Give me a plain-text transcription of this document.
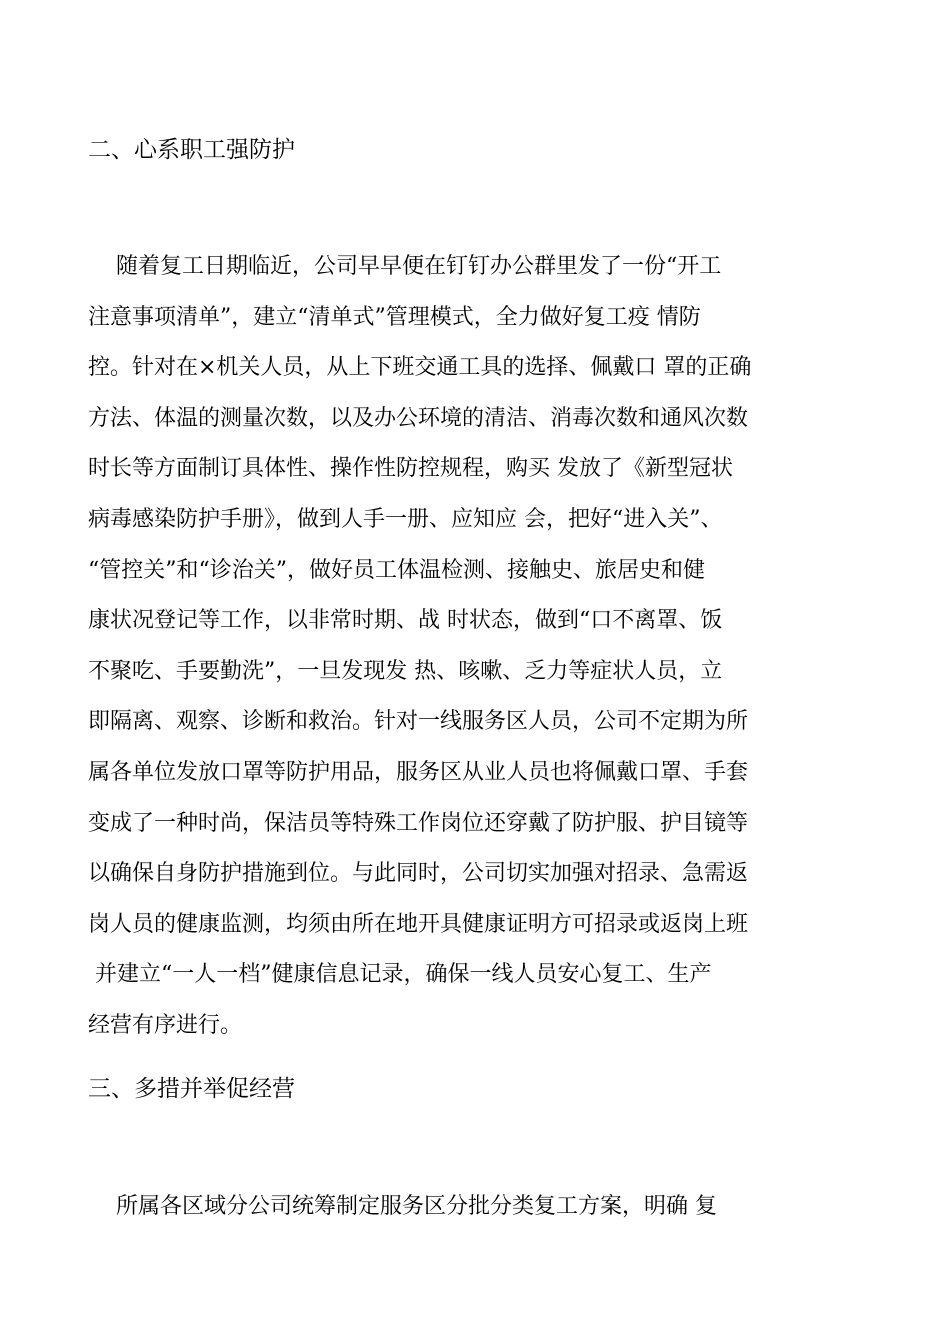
二、心系职工强防护
随着复工日期临近，公司早早便在钉钉办公群里发了一份“开工
注意事项清单”，建立“清单式”管理模式，全力做好复工疫 情防
控。针对在×机关人员，从上下班交通工具的选择、佩戴口 罩的正确
方法、体温的测量次数，以及办公环境的清洁、消毒次数和通风次数
时长等方面制订具体性、操作性防控规程，购买 发放了《新型冠状
病毒感染防护手册》，做到人手一册、应知应 会，把好“进入关”、
“管控关”和“诊治关”，做好员工体温检测、接触史、旅居史和健
康状况登记等工作，以非常时期、战 时状态，做到“口不离罩、饭
不聚吃、手要勤洗”，一旦发现发 热、咳嗽、乏力等症状人员，立
即隔离、观察、诊断和救治。针对一线服务区人员，公司不定期为所
属各单位发放口罩等防护用品，服务区从业人员也将佩戴口罩、手套
变成了一种时尚，保洁员等特殊工作岗位还穿戴了防护服、护目镜等
以确保自身防护措施到位。与此同时，公司切实加强对招录、急需返
岗人员的健康监测，均须由所在地开具健康证明方可招录或返岗上班
并建立“一人一档”健康信息记录，确保一线人员安心复工、生产
经营有序进行。
三、多措并举促经营
所属各区域分公司统筹制定服务区分批分类复工方案，明确 复
